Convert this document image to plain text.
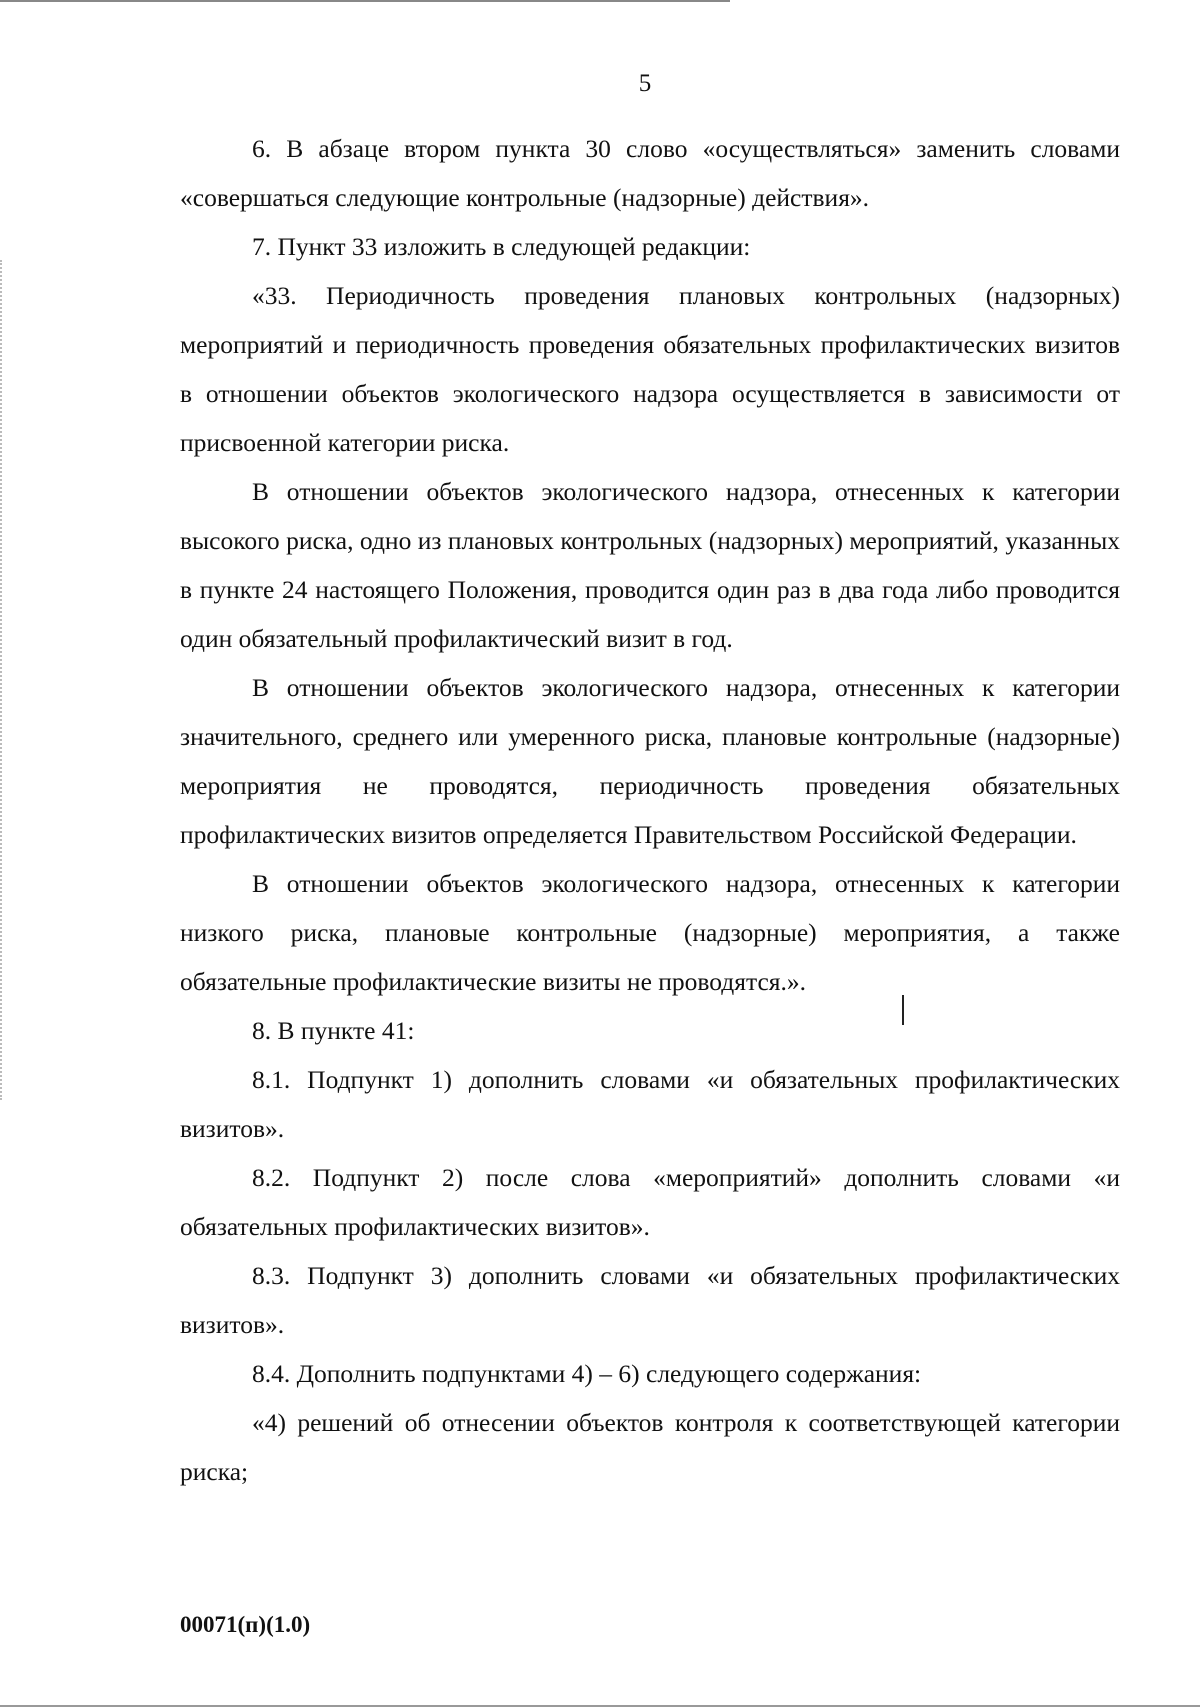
5

6. В абзаце втором пункта 30 слово «осуществляться» заменить словами «совершаться следующие контрольные (надзорные) действия».

7. Пункт 33 изложить в следующей редакции:

«33. Периодичность проведения плановых контрольных (надзорных) мероприятий и периодичность проведения обязательных профилактических визитов в отношении объектов экологического надзора осуществляется в зависимости от присвоенной категории риска.

В отношении объектов экологического надзора, отнесенных к категории высокого риска, одно из плановых контрольных (надзорных) мероприятий, указанных в пункте 24 настоящего Положения, проводится один раз в два года либо проводится один обязательный профилактический визит в год.

В отношении объектов экологического надзора, отнесенных к категории значительного, среднего или умеренного риска, плановые контрольные (надзорные) мероприятия не проводятся, периодичность проведения обязательных профилактических визитов определяется Правительством Российской Федерации.

В отношении объектов экологического надзора, отнесенных к категории низкого риска, плановые контрольные (надзорные) мероприятия, а также обязательные профилактические визиты не проводятся.».

8. В пункте 41:

8.1. Подпункт 1) дополнить словами «и обязательных профилактических визитов».

8.2. Подпункт 2) после слова «мероприятий» дополнить словами «и обязательных профилактических визитов».

8.3. Подпункт 3) дополнить словами «и обязательных профилактических визитов».

8.4. Дополнить подпунктами 4) – 6) следующего содержания:

«4) решений об отнесении объектов контроля к соответствующей категории риска;

00071(п)(1.0)
